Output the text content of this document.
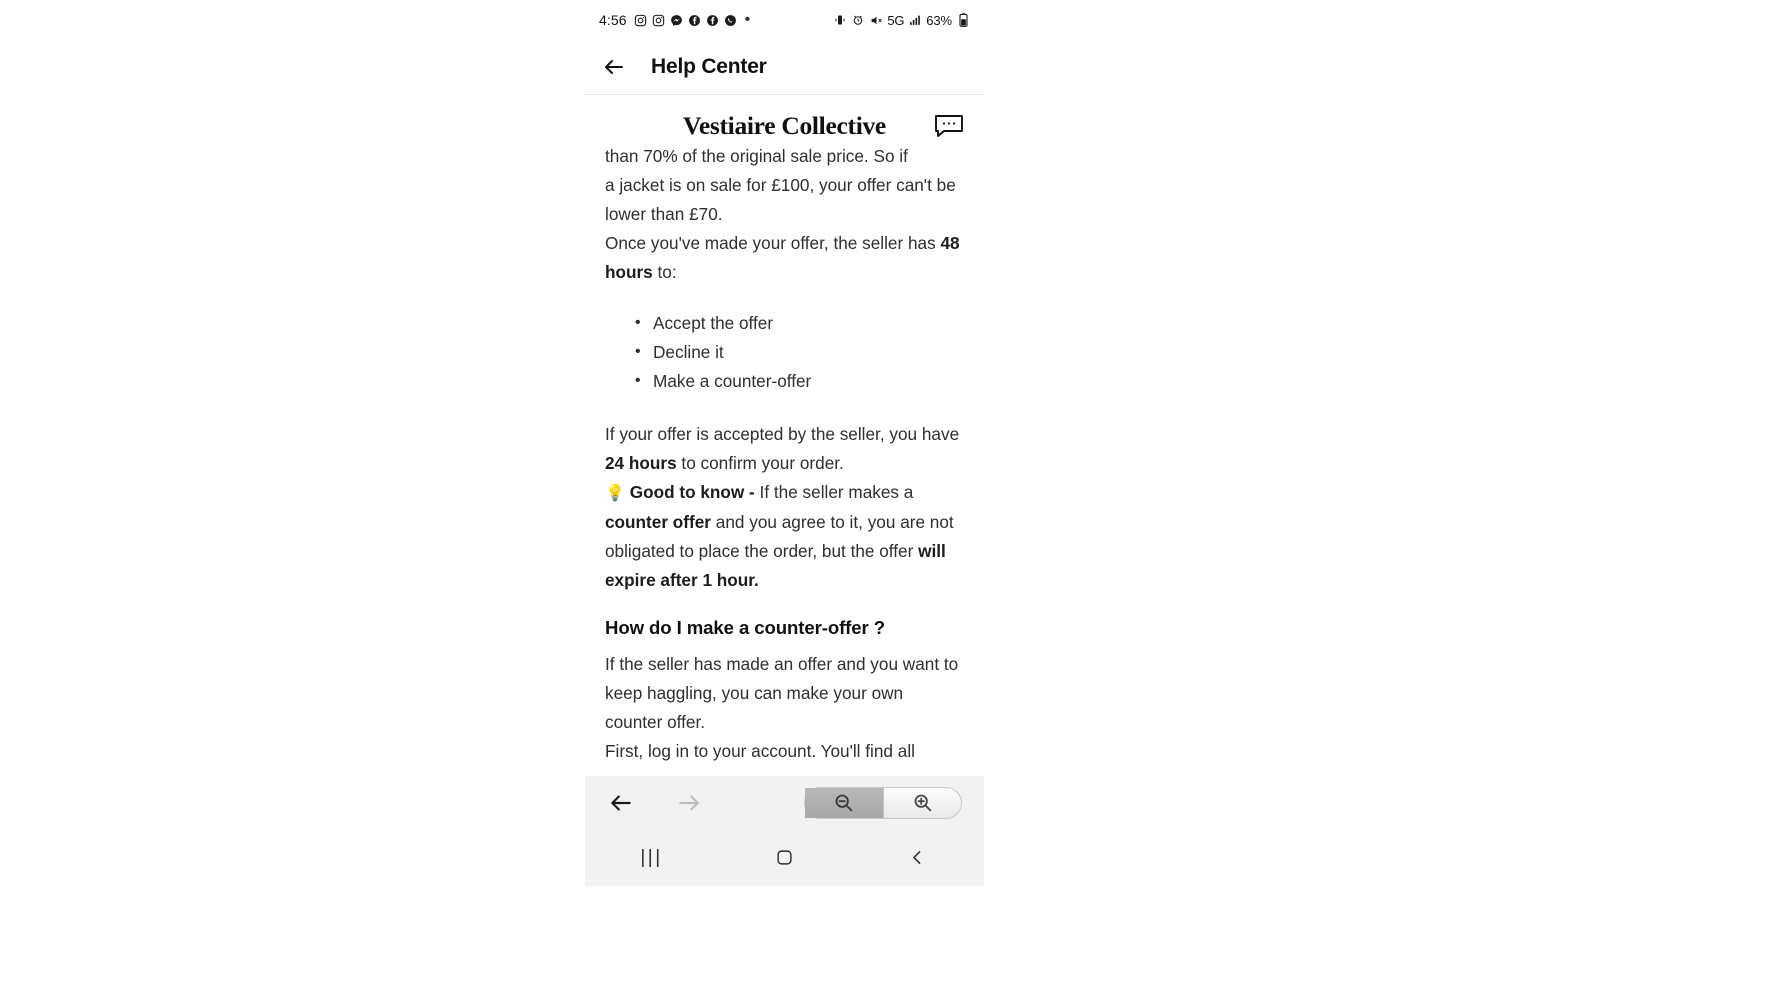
4:56	•	5G 63%
Help Center
Vestiaire Collective
than 70% of the original sale price. So if

a jacket is on sale for £100, your offer can't be lower than £70.

Once you've made your offer, the seller has 48 hours to:

• Accept the offer
• Decline it
• Make a counter-offer

If your offer is accepted by the seller, you have 24 hours to confirm your order.

💡 Good to know - If the seller makes a counter offer and you agree to it, you are not obligated to place the order, but the offer will expire after 1 hour.

How do I make a counter-offer ?

If the seller has made an offer and you want to keep haggling, you can make your own counter offer.

First, log in to your account. You'll find all
|||
